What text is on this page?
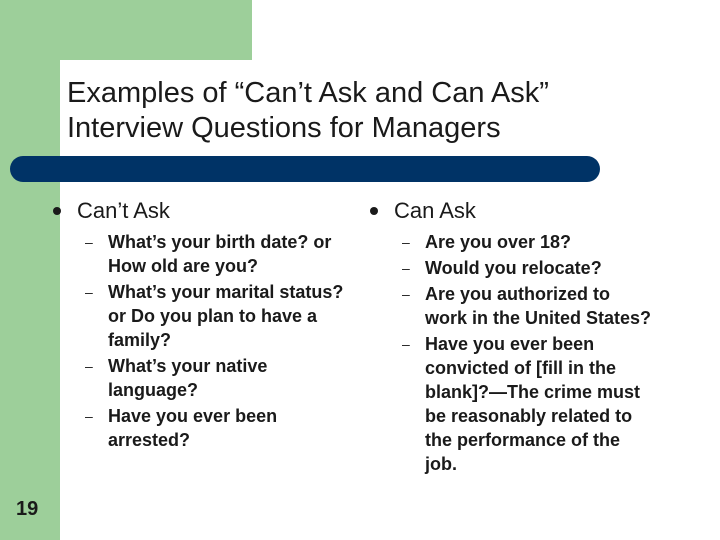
Examples of “Can’t Ask and Can Ask”
Interview Questions for Managers
Can’t Ask
– What’s your birth date? or How old are you?
– What’s your marital status? or Do you plan to have a family?
– What’s your native language?
– Have you ever been arrested?
Can Ask
– Are you over 18?
– Would you relocate?
– Are you authorized to work in the United States?
– Have you ever been convicted of [fill in the blank]?—The crime must be reasonably related to the performance of the job.
19
